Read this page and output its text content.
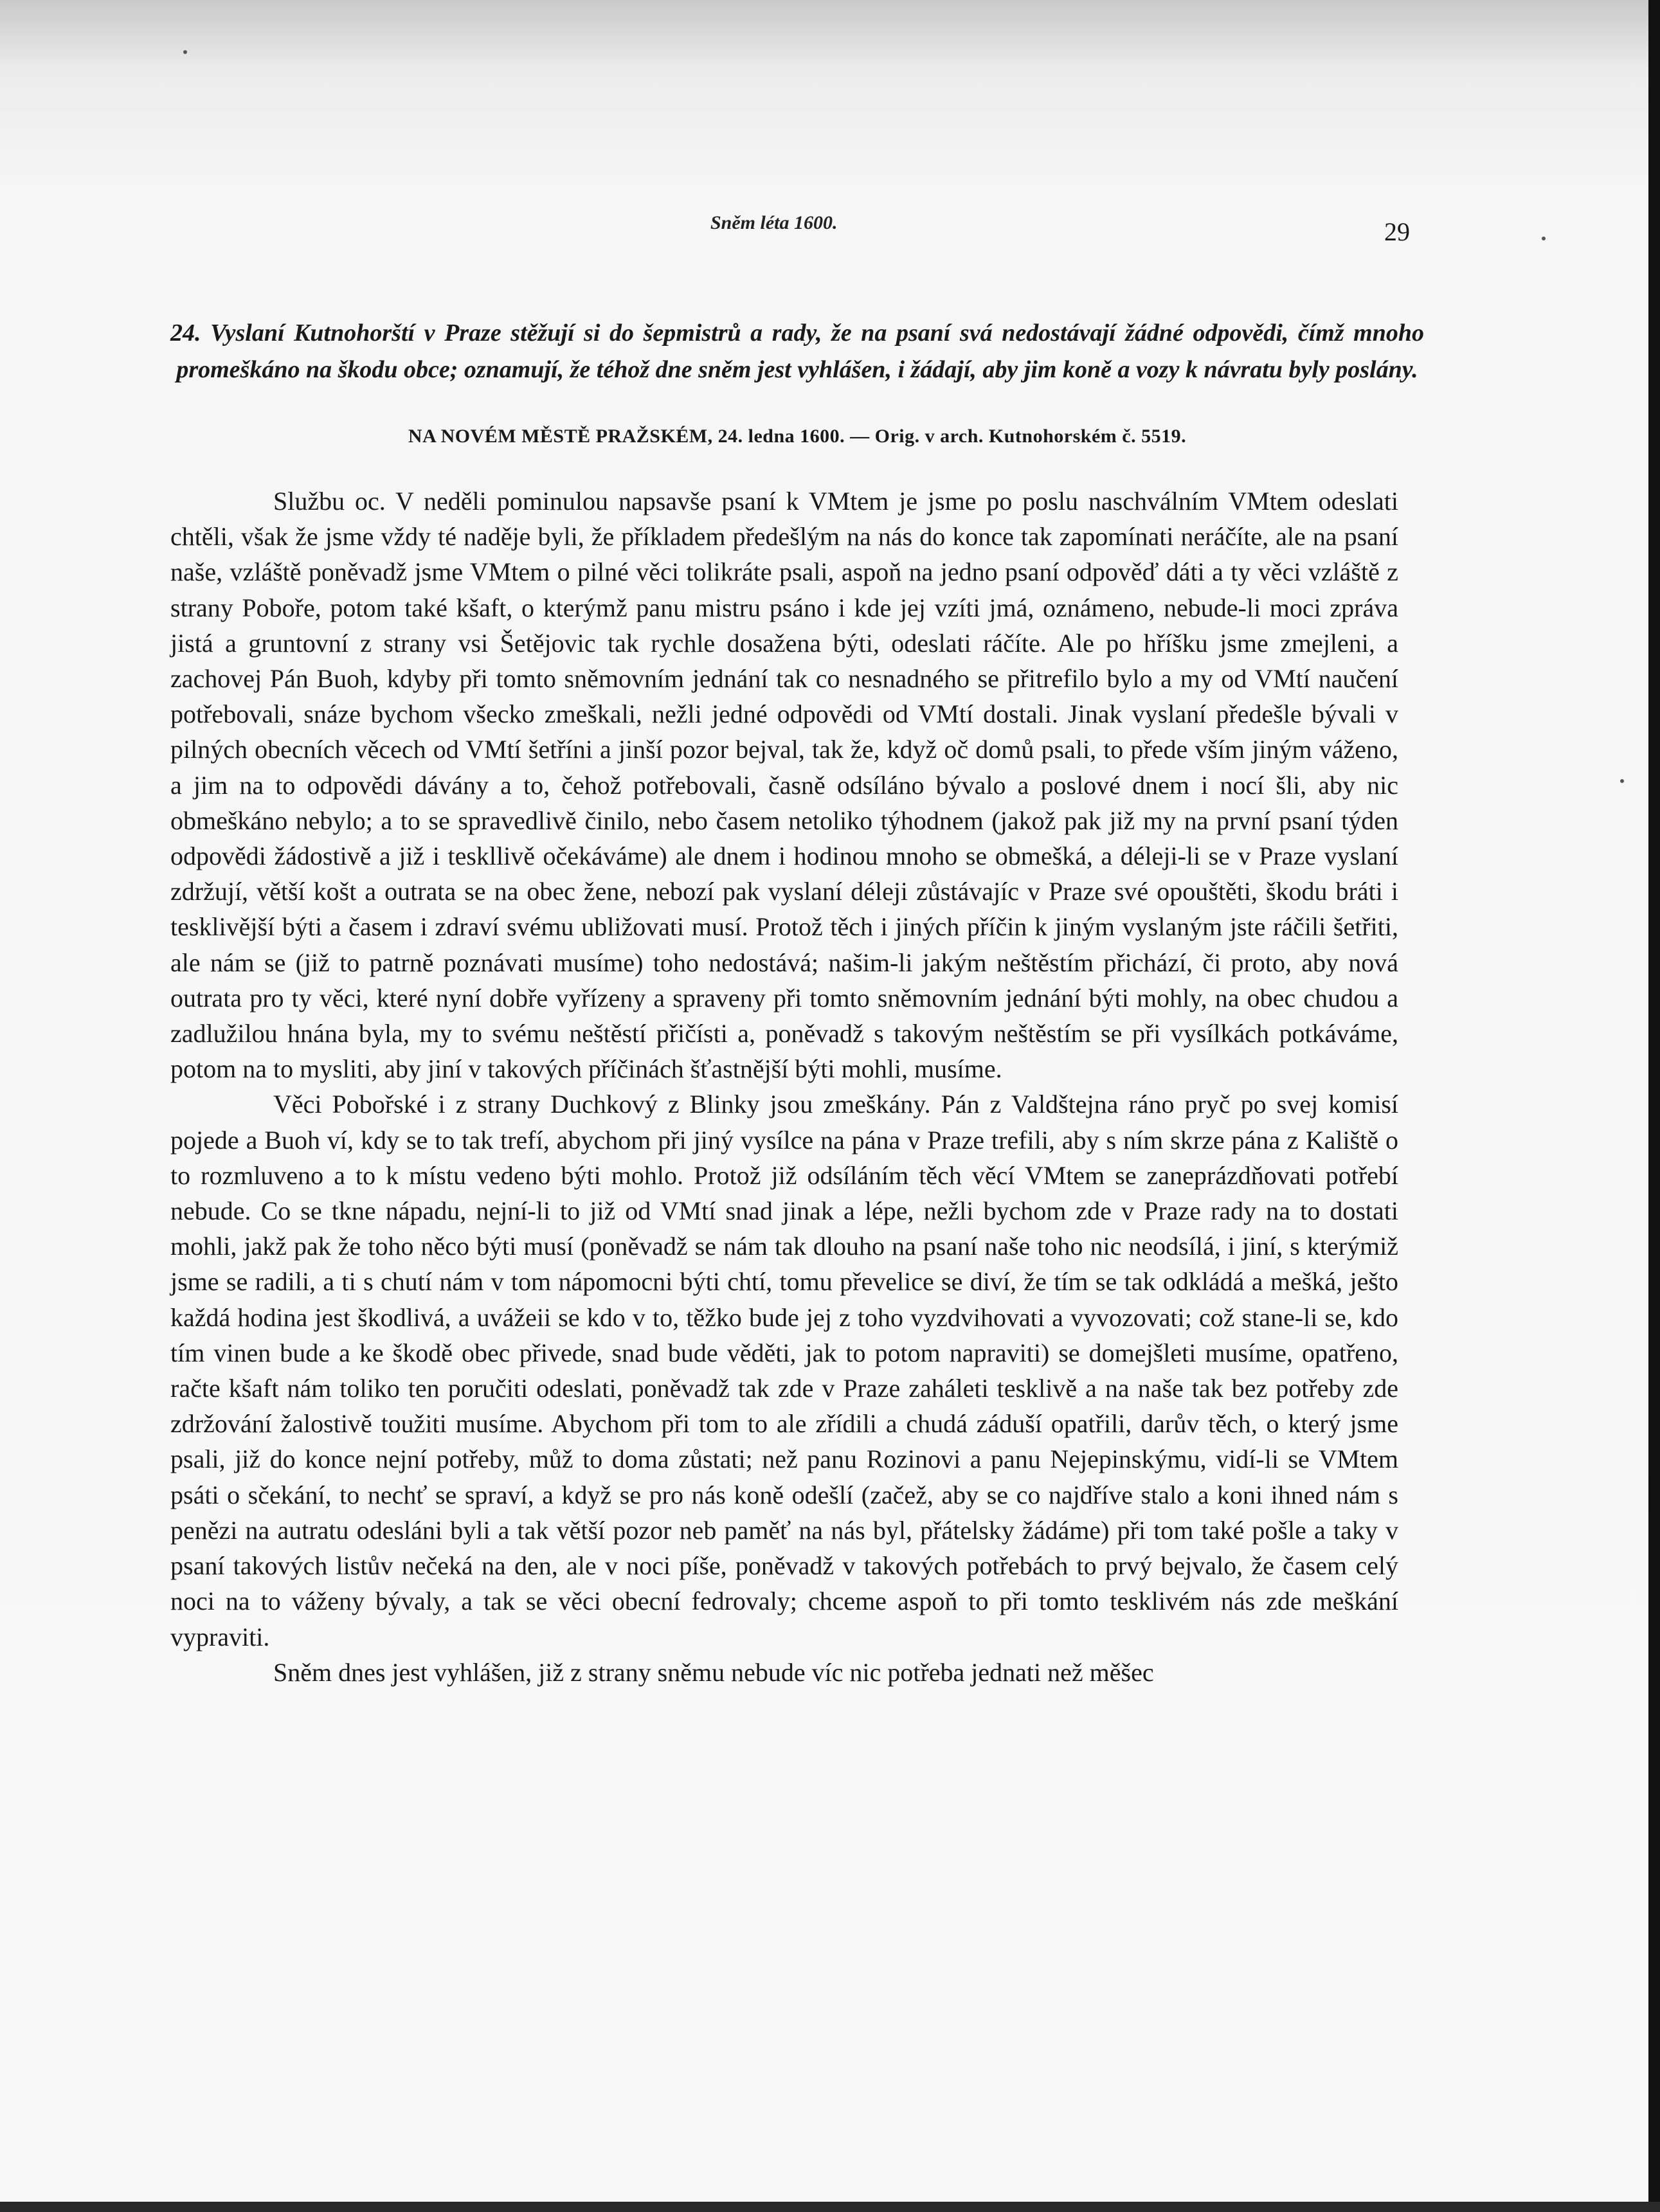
Sněm léta 1600.	29
24. Vyslaní Kutnohorští v Praze stěžují si do šepmistrů a rady, že na psaní svá nedostávají žádné odpovědi, čímž mnoho promeškáno na škodu obce; oznamují, že téhož dne sněm jest vyhlášen, i žádají, aby jim koně a vozy k návratu byly poslány.
NA NOVÉM MĚSTĚ PRAŽSKÉM, 24. ledna 1600. — Orig. v arch. Kutnohorském č. 5519.

Službu oc. V neděli pominulou napsavše psaní k VMtem je jsme po poslu naschválním VMtem odeslati chtěli, však že jsme vždy té naděje byli, že příkladem předešlým na nás do konce tak zapomínati neráčíte, ale na psaní naše, vzláště poněvadž jsme VMtem o pilné věci tolikráte psali, aspoň na jedno psaní odpověď dáti a ty věci vzláště z strany Pobořе, potom také kšaft, o kterýmž panu mistru psáno i kde jej vzíti jmá, oznámeno, nebude-li moci zpráva jistá a gruntovní z strany vsi Šetějovic tak rychle dosažena býti, odeslati ráčíte. Ale po hříšku jsme zmejleni, a zachovej Pán Buoh, kdyby při tomto sněmovním jednání tak co nesnadného se přitrefilo bylo a my od VMtí naučení potřebovali, snáze bychom všecko zmeškali, nežli jedné odpovědi od VMtí dostali. Jinak vyslaní předešle bývali v pilných obecních věcech od VMtí šetříni a jinší pozor bejval, tak že, když oč domů psali, to přede vším jiným váženo, a jim na to odpovědi dávány a to, čehož potřebovali, časně odsíláno bývalo a poslové dnem i nocí šli, aby nic obmeškáno nebylo; a to se spravedlivě činilo, nebo časem netoliko týhodnem (jakož pak již my na první psaní týden odpovědi žádostivě a již i teskllivě očekáváme) ale dnem i hodinou mnoho se obmešká, a déleji-li se v Praze vyslaní zdržují, větší košt a outrata se na obec žene, nebozí pak vyslaní déleji zůstávajíc v Praze své opouštěti, škodu bráti i tesklivější býti a časem i zdraví svému ubližovati musí. Protož těch i jiných příčin k jiným vyslaným jste ráčili šetřiti, ale nám se (již to patrně poznávati musíme) toho nedostává; našim-li jakým neštěstím přichází, či proto, aby nová outrata pro ty věci, které nyní dobře vyřízeny a spraveny při tomto sněmovním jednání býti mohly, na obec chudou a zadlužilou hnána byla, my to svému neštěstí přičísti a, poněvadž s takovým neštěstím se při vysílkách potkáváme, potom na to mysliti, aby jiní v takových příčinách šťastnější býti mohli, musíme.

Věci Pobořské i z strany Duchkový z Blinky jsou zmeškány. Pán z Valdštejna ráno pryč po svej komisí pojede a Buoh ví, kdy se to tak trefí, abychom při jiný vysílce na pána v Praze trefili, aby s ním skrze pána z Kaliště o to rozmluveno a to k místu vedeno býti mohlo. Protož již odsíláním těch věcí VMtem se zaneprázdňovati potřebí nebude. Co se tkne nápadu, nejní-li to již od VMtí snad jinak a lépe, nežli bychom zde v Praze rady na to dostati mohli, jakž pak že toho něco býti musí (poněvadž se nám tak dlouho na psaní naše toho nic neodsílá, i jiní, s kterýmiž jsme se radili, a ti s chutí nám v tom nápomocni býti chtí, tomu převelice se diví, že tím se tak odkládá a mešká, ješto každá hodina jest škodlivá, a uvážeii se kdo v to, těžko bude jej z toho vyzdvihovati a vyvozovati; což stane-li se, kdo tím vinen bude a ke škodě obec přivede, snad bude věděti, jak to potom napraviti) se domejšleti musíme, opatřeno, račte kšaft nám toliko ten poručiti odeslati, poněvadž tak zde v Praze zaháleti tesklivě a na naše tak bez potřeby zde zdržování žalostivě toužiti musíme. Abychom při tom to ale zřídili a chudá záduší opatřili, darův těch, o který jsme psali, již do konce nejní potřeby, můž to doma zůstati; než panu Rozinovi a panu Nejepinskýmu, vidí-li se VMtem psáti o sčekání, to nechť se spraví, a když se pro nás koně odešlí (začež, aby se co najdříve stalo a koni ihned nám s penězi na autratu odesláni byli a tak větší pozor neb paměť na nás byl, přátelsky žádáme) při tom také pošle a taky v psaní takových listův nečeká na den, ale v noci píše, poněvadž v takových potřebách to prvý bejvalo, že časem celý noci na to váženy bývaly, a tak se věci obecní fedrovaly; chceme aspoň to při tomto tesklivém nás zde meškání vypraviti.

Sněm dnes jest vyhlášen, již z strany sněmu nebude víc nic potřeba jednati než měšec
